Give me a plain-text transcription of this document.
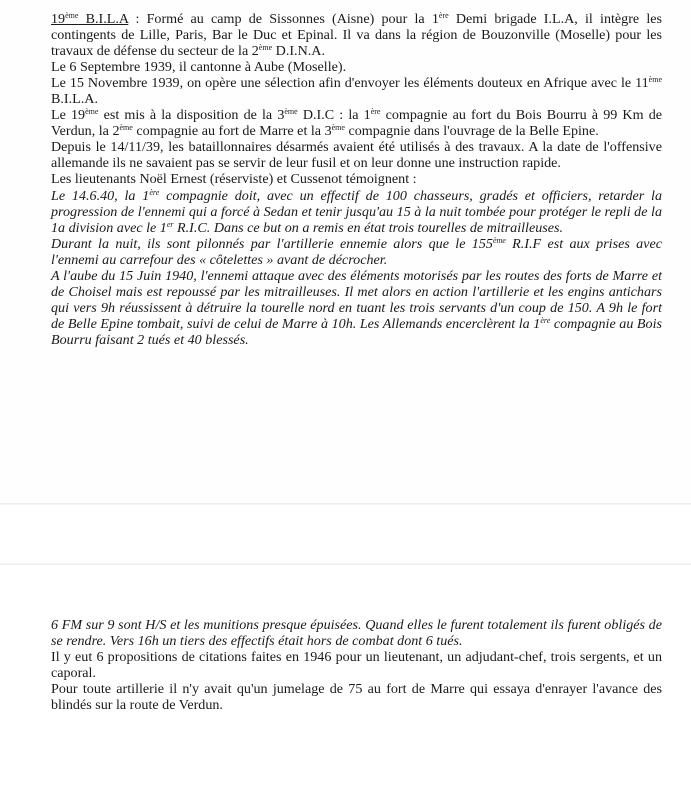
19ème B.I.L.A : Formé au camp de Sissonnes (Aisne) pour la 1ère Demi brigade I.L.A, il intègre les contingents de Lille, Paris, Bar le Duc et Epinal. Il va dans la région de Bouzonville (Moselle) pour les travaux de défense du secteur de la 2ème D.I.N.A.

Le 6 Septembre 1939, il cantonne à Aube (Moselle).

Le 15 Novembre 1939, on opère une sélection afin d'envoyer les éléments douteux en Afrique avec le 11ème B.I.L.A.

Le 19ème est mis à la disposition de la 3ème D.I.C : la 1ère compagnie au fort du Bois Bourru à 99 Km de Verdun, la 2ème compagnie au fort de Marre et la 3ème compagnie dans l'ouvrage de la Belle Epine.

Depuis le 14/11/39, les bataillonnaires désarmés avaient été utilisés à des travaux. A la date de l'offensive allemande ils ne savaient pas se servir de leur fusil et on leur donne une instruction rapide.

Les lieutenants Noël Ernest (réserviste) et Cussenot témoignent :

Le 14.6.40, la 1ère compagnie doit, avec un effectif de 100 chasseurs, gradés et officiers, retarder la progression de l'ennemi qui a forcé à Sedan et tenir jusqu'au 15 à la nuit tombée pour protéger le repli de la 1a division avec le 1er R.I.C. Dans ce but on a remis en état trois tourelles de mitrailleuses.

Durant la nuit, ils sont pilonnés par l'artillerie ennemie alors que le 155ème R.I.F est aux prises avec l'ennemi au carrefour des « côtelettes » avant de décrocher.

A l'aube du 15 Juin 1940, l'ennemi attaque avec des éléments motorisés par les routes des forts de Marre et de Choisel mais est repoussé par les mitrailleuses. Il met alors en action l'artillerie et les engins antichars qui vers 9h réussissent à détruire la tourelle nord en tuant les trois servants d'un coup de 150. A 9h le fort de Belle Epine tombait, suivi de celui de Marre à 10h. Les Allemands encerclèrent la 1ère compagnie au Bois Bourru faisant 2 tués et 40 blessés.

6 FM sur 9 sont H/S et les munitions presque épuisées. Quand elles le furent totalement ils furent obligés de se rendre. Vers 16h un tiers des effectifs était hors de combat dont 6 tués.

Il y eut 6 propositions de citations faites en 1946 pour un lieutenant, un adjudant-chef, trois sergents, et un caporal.

Pour toute artillerie il n'y avait qu'un jumelage de 75 au fort de Marre qui essaya d'enrayer l'avance des blindés sur la route de Verdun.
